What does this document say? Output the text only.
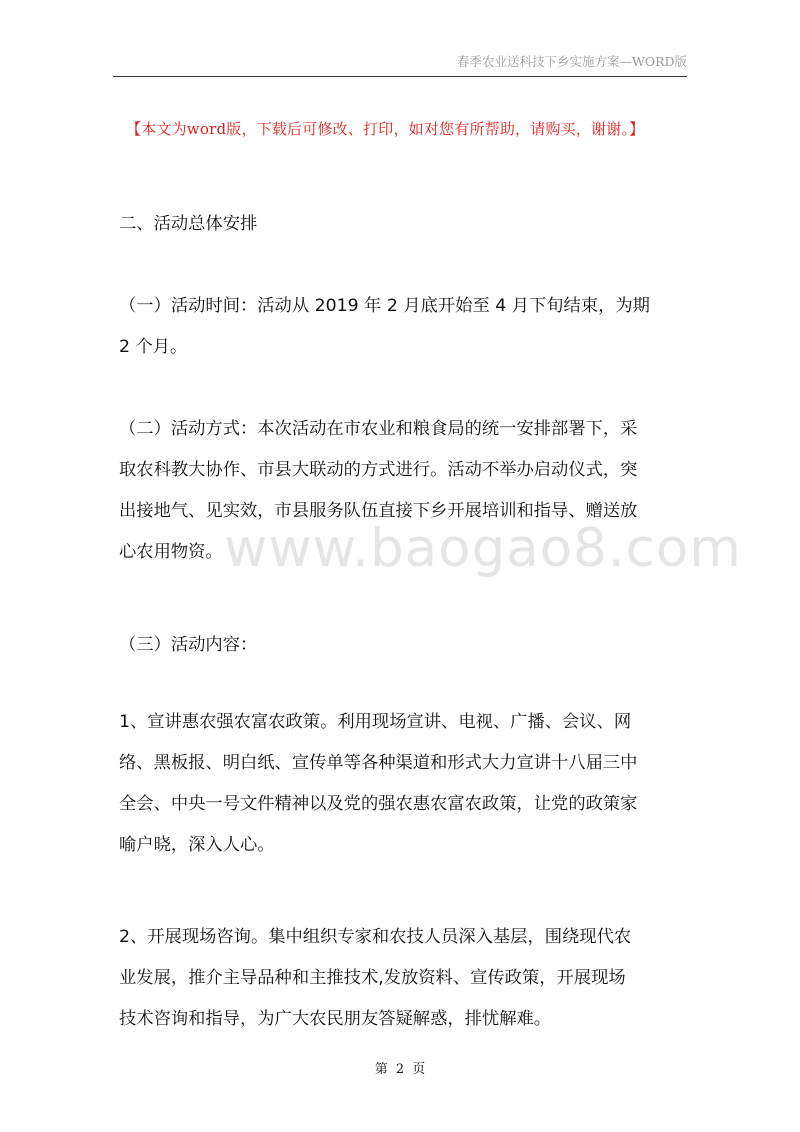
春季农业送科技下乡实施方案—WORD版
【本文为word版，下载后可修改、打印，如对您有所帮助，请购买，谢谢。】
二、活动总体安排
（一）活动时间：活动从 2019 年 2 月底开始至 4 月下旬结束，为期
2 个月。
（二）活动方式：本次活动在市农业和粮食局的统一安排部署下，采
取农科教大协作、市县大联动的方式进行。活动不举办启动仪式，突
出接地气、见实效，市县服务队伍直接下乡开展培训和指导、赠送放
心农用物资。
（三）活动内容：
1、宣讲惠农强农富农政策。利用现场宣讲、电视、广播、会议、网
络、黑板报、明白纸、宣传单等各种渠道和形式大力宣讲十八届三中
全会、中央一号文件精神以及党的强农惠农富农政策，让党的政策家
喻户晓，深入人心。
2、开展现场咨询。集中组织专家和农技人员深入基层，围绕现代农
业发展，推介主导品种和主推技术,发放资料、宣传政策，开展现场
技术咨询和指导，为广大农民朋友答疑解惑，排忧解难。
www.baogao8.com
第 2 页
